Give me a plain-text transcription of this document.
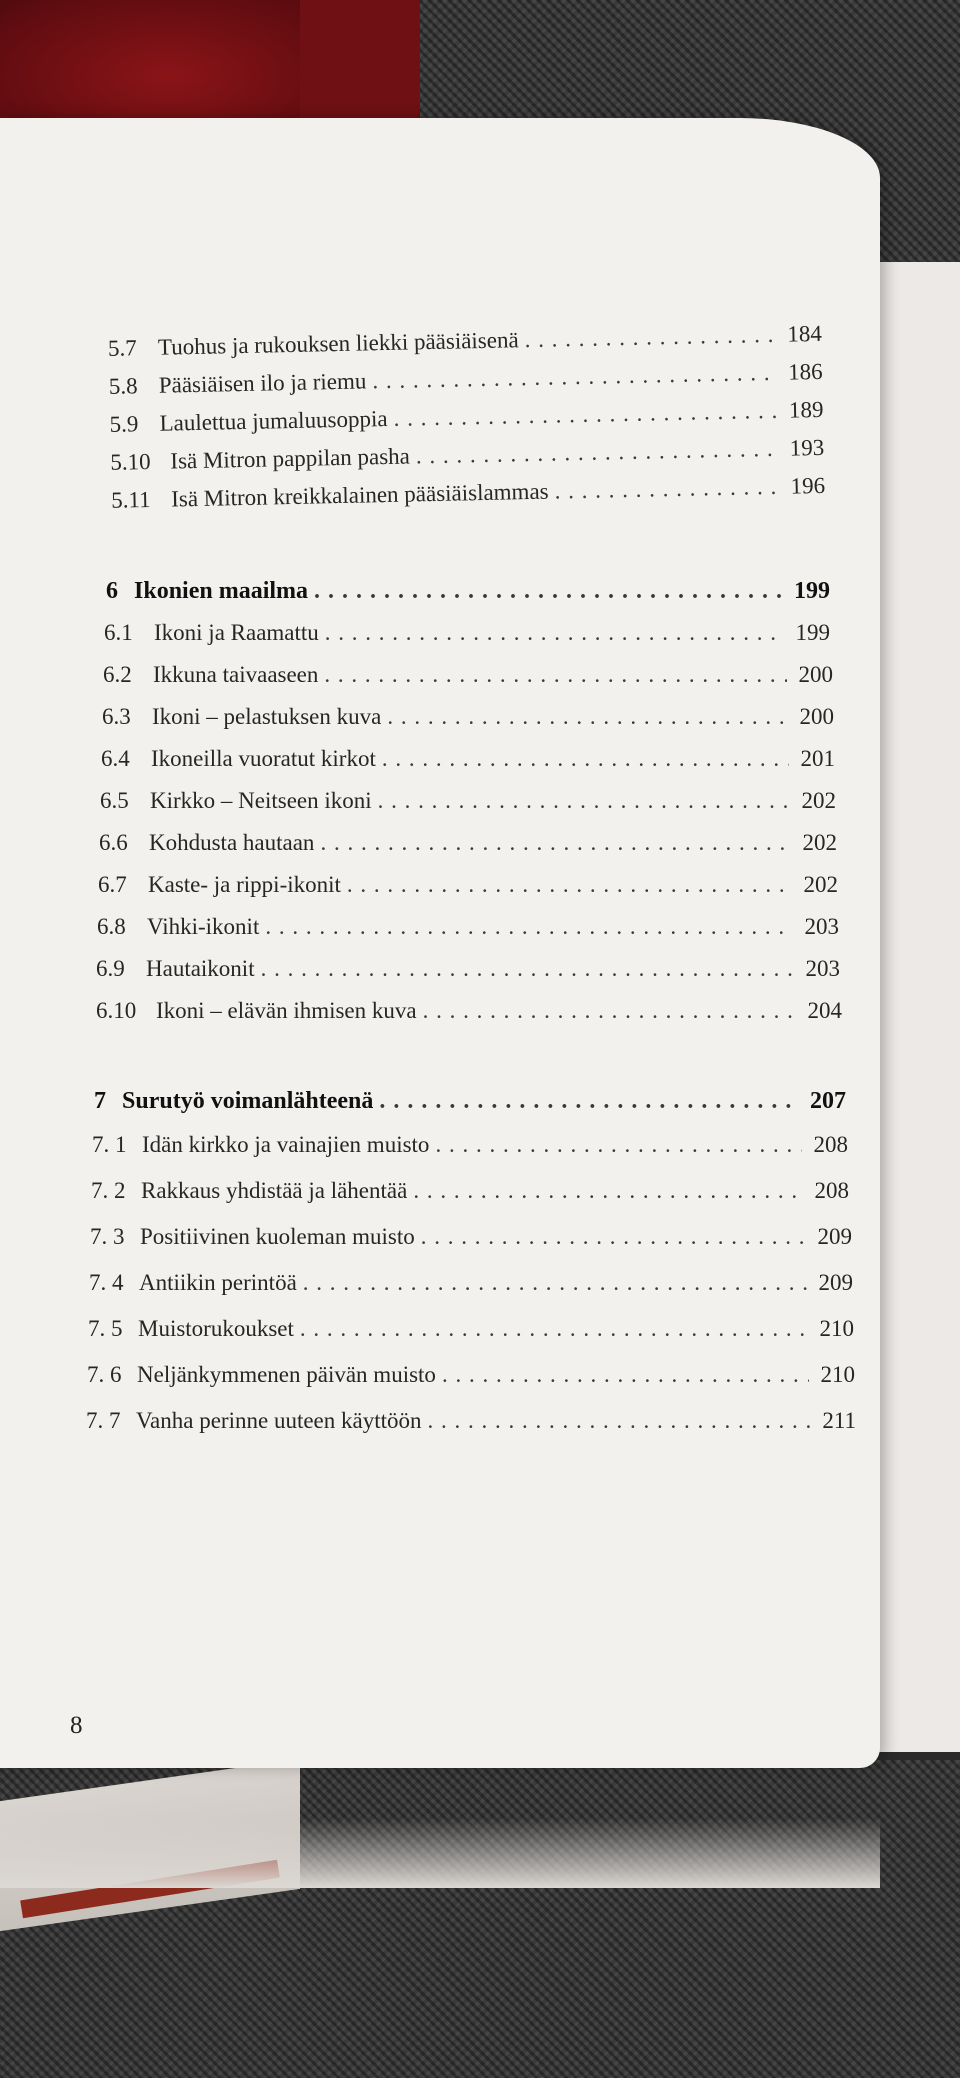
5.7 Tuohus ja rukouksen liekki pääsiäisenä . . .	184
5.8 Pääsiäisen ilo ja riemu . . .	186
5.9 Laulettua jumaluusoppia . . .	189
5.10 Isä Mitron pappilan pasha . . .	193
5.11 Isä Mitron kreikkalainen pääsiäislammas . . .	196
6 Ikonien maailma . . .	199
6.1 Ikoni ja Raamattu . . .	199
6.2 Ikkuna taivaaseen . . .	200
6.3 Ikoni – pelastuksen kuva . . .	200
6.4 Ikoneilla vuoratut kirkot . . .	201
6.5 Kirkko – Neitseen ikoni . . .	202
6.6 Kohdusta hautaan . . .	202
6.7 Kaste- ja rippi-ikonit . . .	202
6.8 Vihki-ikonit . . .	203
6.9 Hautaikonit . . .	203
6.10 Ikoni – elävän ihmisen kuva . . .	204
7 Surutyö voimanlähteenä . . .	207
7. 1 Idän kirkko ja vainajien muisto . . .	208
7. 2 Rakkaus yhdistää ja lähentää . . .	208
7. 3 Positiivinen kuoleman muisto . . .	209
7. 4 Antiikin perintöä . . .	209
7. 5 Muistorukoukset . . .	210
7. 6 Neljänkymmenen päivän muisto . . .	210
7. 7 Vanha perinne uuteen käyttöön . . .	211
8
